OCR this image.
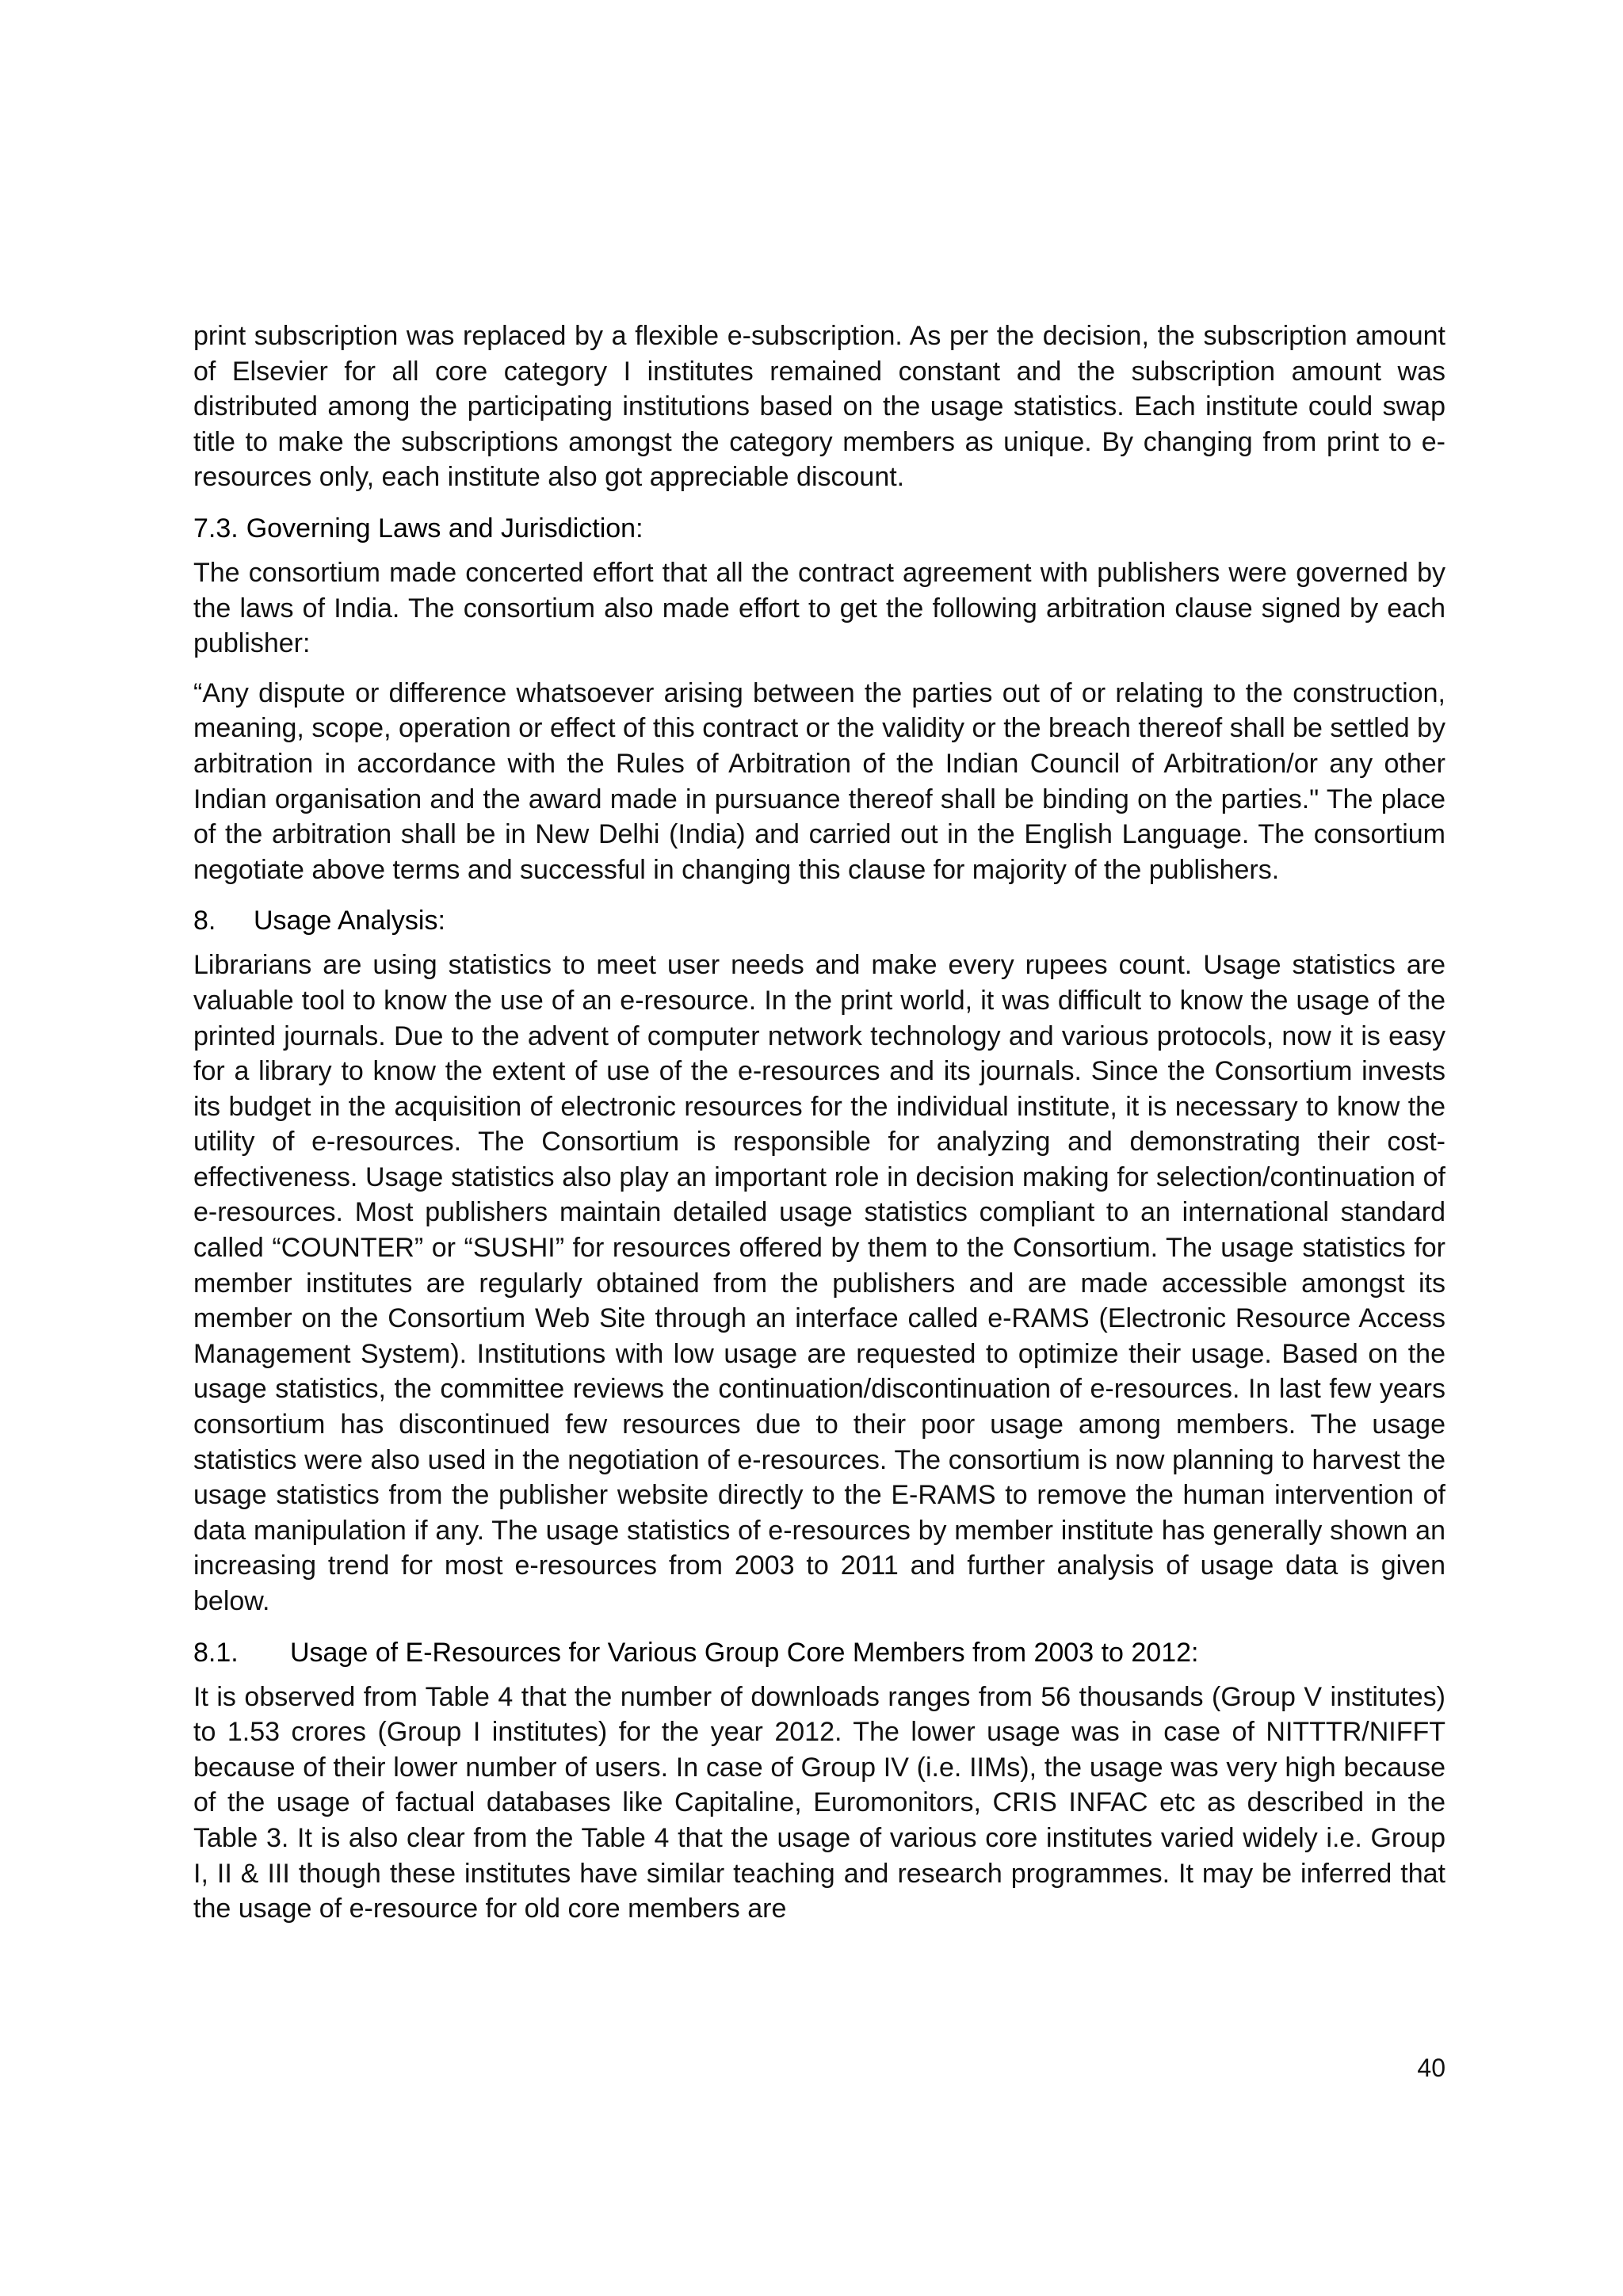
print subscription was replaced by a flexible e-subscription. As per the decision, the subscription amount of Elsevier for all core category I institutes remained constant and the subscription amount was distributed among the participating institutions based on the usage statistics. Each institute could swap title to make the subscriptions amongst the category members as unique. By changing from print to e-resources only, each institute also got appreciable discount.

7.3. Governing Laws and Jurisdiction:

The consortium made concerted effort that all the contract agreement with publishers were governed by the laws of India. The consortium also made effort to get the following arbitration clause signed by each publisher:

“Any dispute or difference whatsoever arising between the parties out of or relating to the construction, meaning, scope, operation or effect of this contract or the validity or the breach thereof shall be settled by arbitration in accordance with the Rules of Arbitration of the Indian Council of Arbitration/or any other Indian organisation and the award made in pursuance thereof shall be binding on the parties." The place of the arbitration shall be in New Delhi (India) and carried out in the English Language. The consortium negotiate above terms and successful in changing this clause for majority of the publishers.

8.	Usage Analysis:

Librarians are using statistics to meet user needs and make every rupees count. Usage statistics are valuable tool to know the use of an e-resource. In the print world, it was difficult to know the usage of the printed journals. Due to the advent of computer network technology and various protocols, now it is easy for a library to know the extent of use of the e-resources and its journals. Since the Consortium invests its budget in the acquisition of electronic resources for the individual institute, it is necessary to know the utility of e-resources. The Consortium is responsible for analyzing and demonstrating their cost-effectiveness. Usage statistics also play an important role in decision making for selection/continuation of e-resources. Most publishers maintain detailed usage statistics compliant to an international standard called “COUNTER” or “SUSHI” for resources offered by them to the Consortium. The usage statistics for member institutes are regularly obtained from the publishers and are made accessible amongst its member on the Consortium Web Site through an interface called e-RAMS (Electronic Resource Access Management System). Institutions with low usage are requested to optimize their usage. Based on the usage statistics, the committee reviews the continuation/discontinuation of e-resources. In last few years consortium has discontinued few resources due to their poor usage among members. The usage statistics were also used in the negotiation of e-resources. The consortium is now planning to harvest the usage statistics from the publisher website directly to the E-RAMS to remove the human intervention of data manipulation if any. The usage statistics of e-resources by member institute has generally shown an increasing trend for most e-resources from 2003 to 2011 and further analysis of usage data is given below.

8.1.	Usage of E-Resources for Various Group Core Members from 2003 to 2012:

It is observed from Table 4 that the number of downloads ranges from 56 thousands (Group V institutes) to 1.53 crores (Group I institutes) for the year 2012. The lower usage was in case of NITTTR/NIFFT because of their lower number of users. In case of Group IV (i.e. IIMs), the usage was very high because of the usage of factual databases like Capitaline, Euromonitors, CRIS INFAC etc as described in the Table 3. It is also clear from the Table 4 that the usage of various core institutes varied widely i.e. Group I, II & III though these institutes have similar teaching and research programmes. It may be inferred that the usage of e-resource for old core members are

40
